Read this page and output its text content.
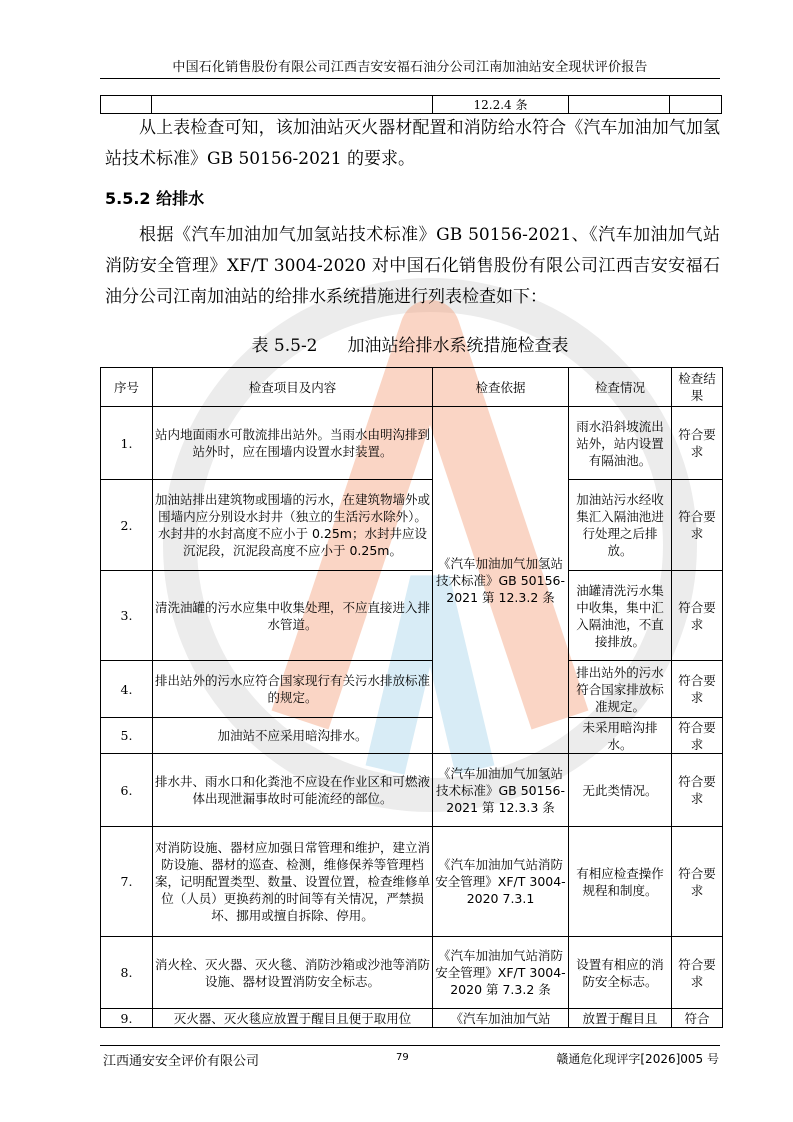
中国石化销售股份有限公司江西吉安安福石油分公司江南加油站安全现状评价报告
		12.2.4 条		

从上表检查可知，该加油站灭火器材配置和消防给水符合《汽车加油加气加氢站技术标准》GB 50156-2021 的要求。

5.5.2 给排水

根据《汽车加油加气加氢站技术标准》GB 50156-2021、《汽车加油加气站消防安全管理》XF/T 3004-2020 对中国石化销售股份有限公司江西吉安安福石油分公司江南加油站的给排水系统措施进行列表检查如下：

表 5.5-2 加油站给排水系统措施检查表
序号	检查项目及内容	检查依据	检查情况	检查结果
1.	站内地面雨水可散流排出站外。当雨水由明沟排到站外时，应在围墙内设置水封装置。	《汽车加油加气加氢站技术标准》GB 50156-2021 第 12.3.2 条	雨水沿斜坡流出站外，站内设置有隔油池。	符合要求
2.	加油站排出建筑物或围墙的污水，在建筑物墙外或围墙内应分别设水封井（独立的生活污水除外）。水封井的水封高度不应小于 0.25m；水封井应设沉泥段，沉泥段高度不应小于 0.25m。		加油站污水经收集汇入隔油池进行处理之后排放。	符合要求
3.	清洗油罐的污水应集中收集处理，不应直接进入排水管道。		油罐清洗污水集中收集，集中汇入隔油池，不直接排放。	符合要求
4.	排出站外的污水应符合国家现行有关污水排放标准的规定。		排出站外的污水符合国家排放标准规定。	符合要求
5.	加油站不应采用暗沟排水。		未采用暗沟排水。	符合要求
6.	排水井、雨水口和化粪池不应设在作业区和可燃液体出现泄漏事故时可能流经的部位。	《汽车加油加气加氢站技术标准》GB 50156-2021 第 12.3.3 条	无此类情况。	符合要求
7.	对消防设施、器材应加强日常管理和维护，建立消防设施、器材的巡查、检测，维修保养等管理档案，记明配置类型、数量、设置位置，检查维修单位（人员）更换药剂的时间等有关情况，严禁损坏、挪用或擅自拆除、停用。	《汽车加油加气站消防安全管理》XF/T 3004-2020 7.3.1	有相应检查操作规程和制度。	符合要求
8.	消火栓、灭火器、灭火毯、消防沙箱或沙池等消防设施、器材设置消防安全标志。	《汽车加油加气站消防安全管理》XF/T 3004-2020 第 7.3.2 条	设置有相应的消防安全标志。	符合要求
9.	灭火器、灭火毯应放置于醒目且便于取用位	《汽车加油加气站	放置于醒目且	符合
江西通安安全评价有限公司	79	赣通危化现评字[2026]005 号
